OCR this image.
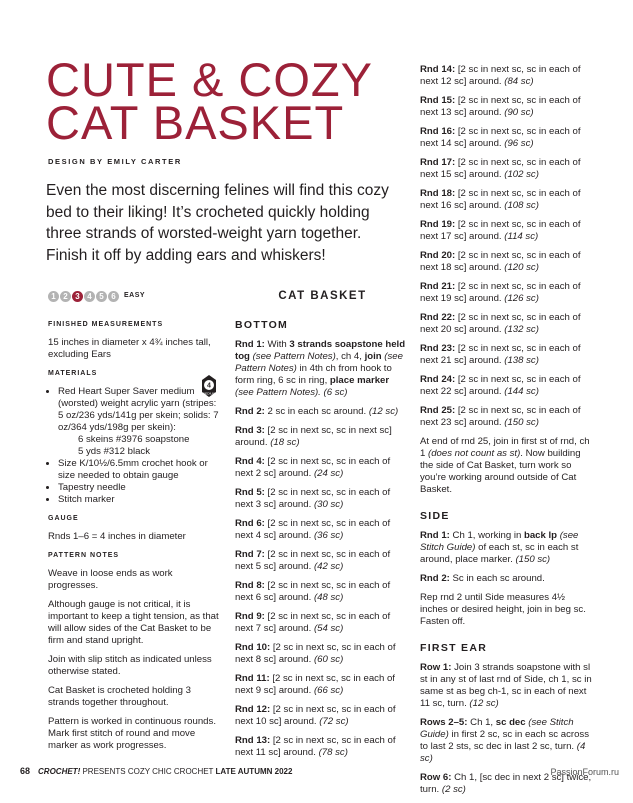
CUTE & COZY
CAT BASKET
DESIGN BY EMILY CARTER
Even the most discerning felines will find this cozy bed to their liking! It’s crocheted quickly holding three strands of worsted-weight yarn together. Finish it off by adding ears and whiskers!
1 2 3 4 5 6	EASY
FINISHED MEASUREMENTS

15 inches in diameter x 4¾ inches tall, excluding Ears

MATERIALS
• Red Heart Super Saver medium (worsted) weight acrylic yarn (stripes: 5 oz/236 yds/141g per skein; solids: 7 oz/364 yds/198g per skein):
6 skeins #3976 soapstone
5 yds #312 black
• Size K/10½/6.5mm crochet hook or size needed to obtain gauge
• Tapestry needle
• Stitch marker
GAUGE

Rnds 1–6 = 4 inches in diameter

PATTERN NOTES

Weave in loose ends as work progresses.

Although gauge is not critical, it is important to keep a tight tension, as that will allow sides of the Cat Basket to be firm and stand upright.

Join with slip stitch as indicated unless otherwise stated.

Cat Basket is crocheted holding 3 strands together throughout.

Pattern is worked in continuous rounds. Mark first stitch of round and move marker as work progresses.

4
MEDIUM
CAT BASKET
BOTTOM

Rnd 1: With 3 strands soapstone held tog (see Pattern Notes), ch 4, join (see Pattern Notes) in 4th ch from hook to form ring, 6 sc in ring, place marker (see Pattern Notes). (6 sc)

Rnd 2: 2 sc in each sc around. (12 sc)

Rnd 3: [2 sc in next sc, sc in next sc] around. (18 sc)

Rnd 4: [2 sc in next sc, sc in each of next 2 sc] around. (24 sc)

Rnd 5: [2 sc in next sc, sc in each of next 3 sc] around. (30 sc)

Rnd 6: [2 sc in next sc, sc in each of next 4 sc] around. (36 sc)

Rnd 7: [2 sc in next sc, sc in each of next 5 sc] around. (42 sc)

Rnd 8: [2 sc in next sc, sc in each of next 6 sc] around. (48 sc)

Rnd 9: [2 sc in next sc, sc in each of next 7 sc] around. (54 sc)

Rnd 10: [2 sc in next sc, sc in each of next 8 sc] around. (60 sc)

Rnd 11: [2 sc in next sc, sc in each of next 9 sc] around. (66 sc)

Rnd 12: [2 sc in next sc, sc in each of next 10 sc] around. (72 sc)

Rnd 13: [2 sc in next sc, sc in each of next 11 sc] around. (78 sc)

Rnd 14: [2 sc in next sc, sc in each of next 12 sc] around. (84 sc)

Rnd 15: [2 sc in next sc, sc in each of next 13 sc] around. (90 sc)

Rnd 16: [2 sc in next sc, sc in each of next 14 sc] around. (96 sc)

Rnd 17: [2 sc in next sc, sc in each of next 15 sc] around. (102 sc)

Rnd 18: [2 sc in next sc, sc in each of next 16 sc] around. (108 sc)

Rnd 19: [2 sc in next sc, sc in each of next 17 sc] around. (114 sc)

Rnd 20: [2 sc in next sc, sc in each of next 18 sc] around. (120 sc)

Rnd 21: [2 sc in next sc, sc in each of next 19 sc] around. (126 sc)

Rnd 22: [2 sc in next sc, sc in each of next 20 sc] around. (132 sc)

Rnd 23: [2 sc in next sc, sc in each of next 21 sc] around. (138 sc)

Rnd 24: [2 sc in next sc, sc in each of next 22 sc] around. (144 sc)

Rnd 25: [2 sc in next sc, sc in each of next 23 sc] around. (150 sc)

At end of rnd 25, join in first st of rnd, ch 1 (does not count as st). Now building the side of Cat Basket, turn work so you’re working around outside of Cat Basket.

SIDE

Rnd 1: Ch 1, working in back lp (see Stitch Guide) of each st, sc in each st around, place marker. (150 sc)

Rnd 2: Sc in each sc around.

Rep rnd 2 until Side measures 4½ inches or desired height, join in beg sc. Fasten off.

FIRST EAR

Row 1: Join 3 strands soapstone with sl st in any st of last rnd of Side, ch 1, sc in same st as beg ch-1, sc in each of next 11 sc, turn. (12 sc)

Rows 2–5: Ch 1, sc dec (see Stitch Guide) in first 2 sc, sc in each sc across to last 2 sts, sc dec in last 2 sc, turn. (4 sc)

Row 6: Ch 1, [sc dec in next 2 sc] twice, turn. (2 sc)

68 CROCHET! PRESENTS COZY CHIC CROCHET LATE AUTUMN 2022	PassionForum.ru
